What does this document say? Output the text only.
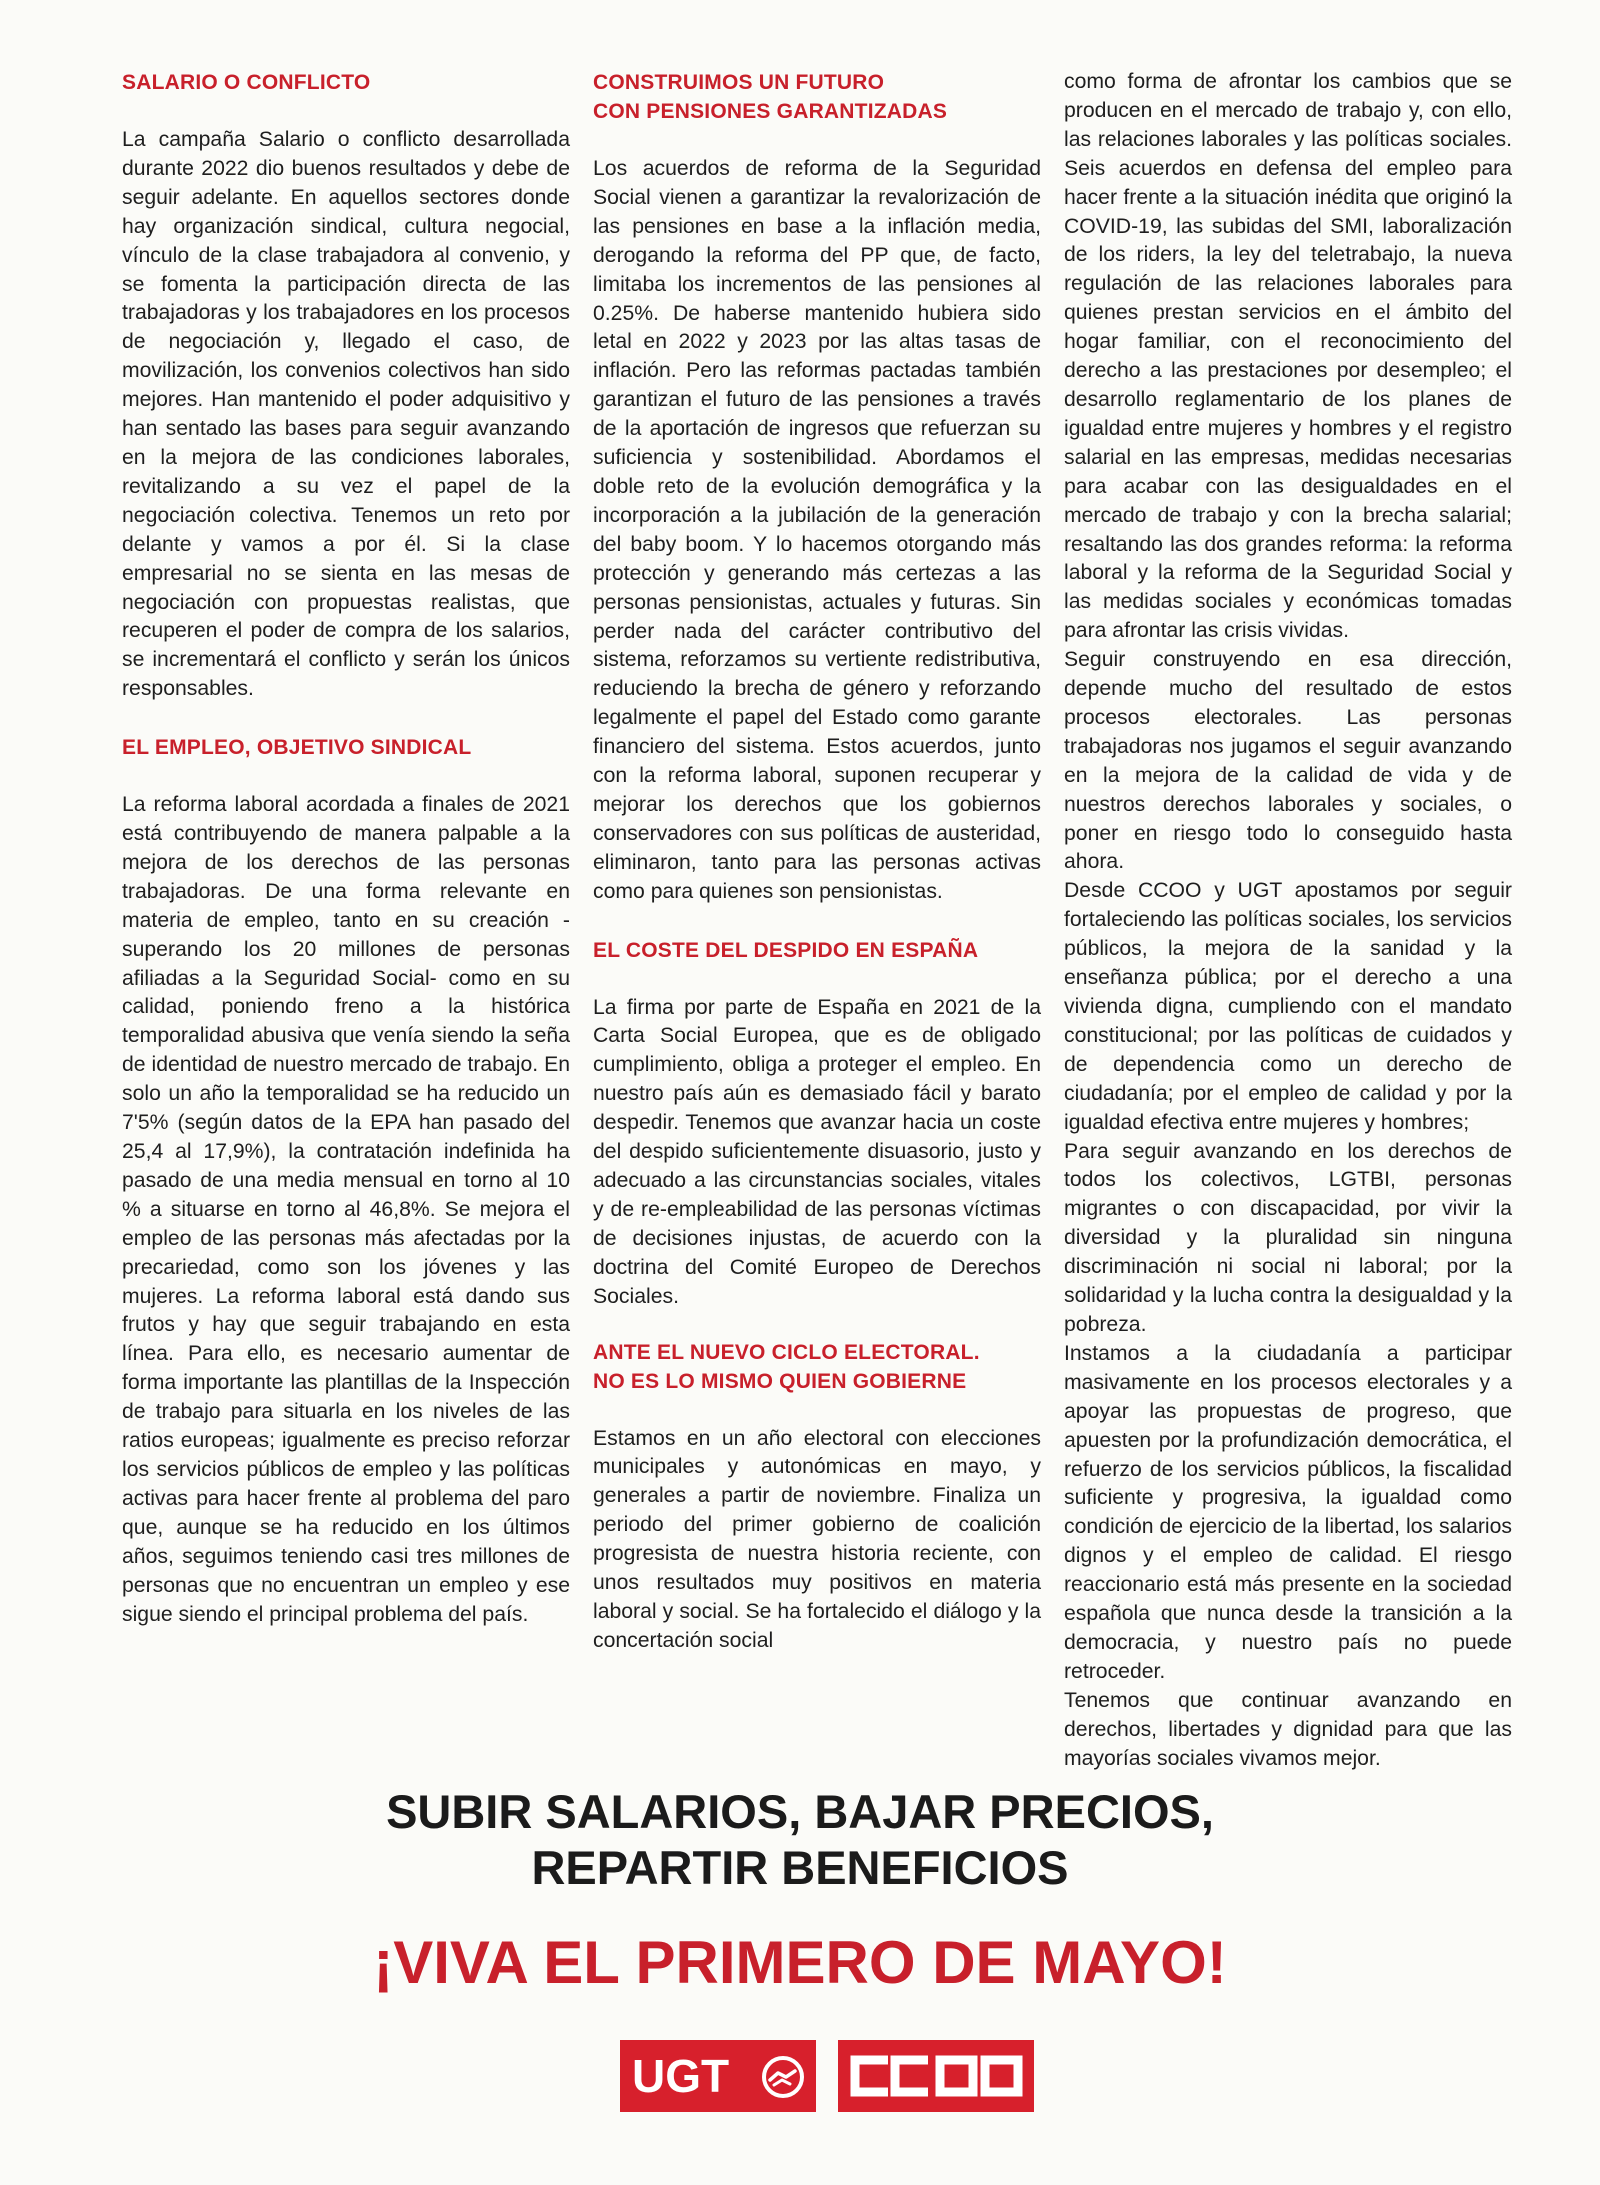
SALARIO O CONFLICTO

La campaña Salario o conflicto desarrollada durante 2022 dio buenos resultados y debe de seguir adelante. En aquellos sectores donde hay organización sindical, cultura negocial, vínculo de la clase trabajadora al convenio, y se fomenta la participación directa de las trabajadoras y los trabajadores en los procesos de negociación y, llegado el caso, de movilización, los convenios colectivos han sido mejores. Han mantenido el poder adquisitivo y han sentado las bases para seguir avanzando en la mejora de las condiciones laborales, revitalizando a su vez el papel de la negociación colectiva. Tenemos un reto por delante y vamos a por él. Si la clase empresarial no se sienta en las mesas de negociación con propuestas realistas, que recuperen el poder de compra de los salarios, se incrementará el conflicto y serán los únicos responsables.

EL EMPLEO, OBJETIVO SINDICAL

La reforma laboral acordada a finales de 2021 está contribuyendo de manera palpable a la mejora de los derechos de las personas trabajadoras. De una forma relevante en materia de empleo, tanto en su creación -superando los 20 millones de personas afiliadas a la Seguridad Social- como en su calidad, poniendo freno a la histórica temporalidad abusiva que venía siendo la seña de identidad de nuestro mercado de trabajo. En solo un año la temporalidad se ha reducido un 7'5% (según datos de la EPA han pasado del 25,4 al 17,9%), la contratación indefinida ha pasado de una media mensual en torno al 10 % a situarse en torno al 46,8%. Se mejora el empleo de las personas más afectadas por la precariedad, como son los jóvenes y las mujeres. La reforma laboral está dando sus frutos y hay que seguir trabajando en esta línea. Para ello, es necesario aumentar de forma importante las plantillas de la Inspección de trabajo para situarla en los niveles de las ratios europeas; igualmente es preciso reforzar los servicios públicos de empleo y las políticas activas para hacer frente al problema del paro que, aunque se ha reducido en los últimos años, seguimos teniendo casi tres millones de personas que no encuentran un empleo y ese sigue siendo el principal problema del país.

CONSTRUIMOS UN FUTURO
CON PENSIONES GARANTIZADAS

Los acuerdos de reforma de la Seguridad Social vienen a garantizar la revalorización de las pensiones en base a la inflación media, derogando la reforma del PP que, de facto, limitaba los incrementos de las pensiones al 0.25%. De haberse mantenido hubiera sido letal en 2022 y 2023 por las altas tasas de inflación. Pero las reformas pactadas también garantizan el futuro de las pensiones a través de la aportación de ingresos que refuerzan su suficiencia y sostenibilidad. Abordamos el doble reto de la evolución demográfica y la incorporación a la jubilación de la generación del baby boom. Y lo hacemos otorgando más protección y generando más certezas a las personas pensionistas, actuales y futuras. Sin perder nada del carácter contributivo del sistema, reforzamos su vertiente redistributiva, reduciendo la brecha de género y reforzando legalmente el papel del Estado como garante financiero del sistema. Estos acuerdos, junto con la reforma laboral, suponen recuperar y mejorar los derechos que los gobiernos conservadores con sus políticas de austeridad, eliminaron, tanto para las personas activas como para quienes son pensionistas.

EL COSTE DEL DESPIDO EN ESPAÑA

La firma por parte de España en 2021 de la Carta Social Europea, que es de obligado cumplimiento, obliga a proteger el empleo. En nuestro país aún es demasiado fácil y barato despedir. Tenemos que avanzar hacia un coste del despido suficientemente disuasorio, justo y adecuado a las circunstancias sociales, vitales y de re-empleabilidad de las personas víctimas de decisiones injustas, de acuerdo con la doctrina del Comité Europeo de Derechos Sociales.

ANTE EL NUEVO CICLO ELECTORAL.
NO ES LO MISMO QUIEN GOBIERNE

Estamos en un año electoral con elecciones municipales y autonómicas en mayo, y generales a partir de noviembre. Finaliza un periodo del primer gobierno de coalición progresista de nuestra historia reciente, con unos resultados muy positivos en materia laboral y social. Se ha fortalecido el diálogo y la concertación social

como forma de afrontar los cambios que se producen en el mercado de trabajo y, con ello, las relaciones laborales y las políticas sociales. Seis acuerdos en defensa del empleo para hacer frente a la situación inédita que originó la COVID-19, las subidas del SMI, laboralización de los riders, la ley del teletrabajo, la nueva regulación de las relaciones laborales para quienes prestan servicios en el ámbito del hogar familiar, con el reconocimiento del derecho a las prestaciones por desempleo; el desarrollo reglamentario de los planes de igualdad entre mujeres y hombres y el registro salarial en las empresas, medidas necesarias para acabar con las desigualdades en el mercado de trabajo y con la brecha salarial; resaltando las dos grandes reforma: la reforma laboral y la reforma de la Seguridad Social y las medidas sociales y económicas tomadas para afrontar las crisis vividas.

Seguir construyendo en esa dirección, depende mucho del resultado de estos procesos electorales. Las personas trabajadoras nos jugamos el seguir avanzando en la mejora de la calidad de vida y de nuestros derechos laborales y sociales, o poner en riesgo todo lo conseguido hasta ahora.

Desde CCOO y UGT apostamos por seguir fortaleciendo las políticas sociales, los servicios públicos, la mejora de la sanidad y la enseñanza pública; por el derecho a una vivienda digna, cumpliendo con el mandato constitucional; por las políticas de cuidados y de dependencia como un derecho de ciudadanía; por el empleo de calidad y por la igualdad efectiva entre mujeres y hombres;

Para seguir avanzando en los derechos de todos los colectivos, LGTBI, personas migrantes o con discapacidad, por vivir la diversidad y la pluralidad sin ninguna discriminación ni social ni laboral; por la solidaridad y la lucha contra la desigualdad y la pobreza.

Instamos a la ciudadanía a participar masivamente en los procesos electorales y a apoyar las propuestas de progreso, que apuesten por la profundización democrática, el refuerzo de los servicios públicos, la fiscalidad suficiente y progresiva, la igualdad como condición de ejercicio de la libertad, los salarios dignos y el empleo de calidad. El riesgo reaccionario está más presente en la sociedad española que nunca desde la transición a la democracia, y nuestro país no puede retroceder.

Tenemos que continuar avanzando en derechos, libertades y dignidad para que las mayorías sociales vivamos mejor.

SUBIR SALARIOS, BAJAR PRECIOS,
REPARTIR BENEFICIOS
¡VIVA EL PRIMERO DE MAYO!
UGT
CCOO
